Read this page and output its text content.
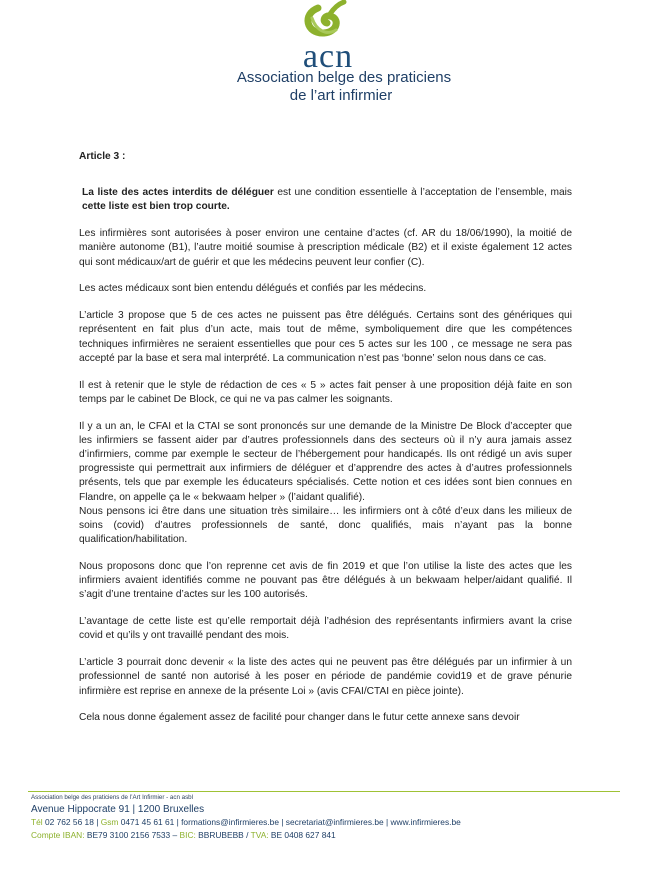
acn
Association belge des praticiens
de l’art infirmier

Article 3 :

La liste des actes interdits de déléguer est une condition essentielle à l’acceptation de l’ensemble, mais cette liste est bien trop courte.

Les infirmières sont autorisées à poser environ une centaine d’actes (cf. AR du 18/06/1990), la moitié de manière autonome (B1), l’autre moitié soumise à prescription médicale (B2) et il existe également 12 actes qui sont médicaux/art de guérir et que les médecins peuvent leur confier (C).

Les actes médicaux sont bien entendu délégués et confiés par les médecins.

L’article 3 propose que 5 de ces actes ne puissent pas être délégués. Certains sont des génériques qui représentent en fait plus d’un acte, mais tout de même, symboliquement dire que les compétences techniques infirmières ne seraient essentielles que pour ces 5 actes sur les 100 , ce message ne sera pas accepté par la base et sera mal interprété. La communication n’est pas ‘bonne’ selon nous dans ce cas.

Il est à retenir que le style de rédaction de ces « 5 » actes fait penser à une proposition déjà faite en son temps par le cabinet De Block, ce qui ne va pas calmer les soignants.

Il y a un an, le CFAI et la CTAI se sont prononcés sur une demande de la Ministre De Block d’accepter que les infirmiers se fassent aider par d’autres professionnels dans des secteurs où il n’y aura jamais assez d’infirmiers, comme par exemple le secteur de l’hébergement pour handicapés. Ils ont rédigé un avis super progressiste qui permettrait aux infirmiers de déléguer et d’apprendre des actes à d’autres professionnels présents, tels que par exemple les éducateurs spécialisés. Cette notion et ces idées sont bien connues en Flandre, on appelle ça le « bekwaam helper » (l’aidant qualifié).

Nous pensons ici être dans une situation très similaire… les infirmiers ont à côté d’eux dans les milieux de soins (covid) d’autres professionnels de santé, donc qualifiés, mais n’ayant pas la bonne qualification/habilitation.

Nous proposons donc que l’on reprenne cet avis de fin 2019 et que l’on utilise la liste des actes que les infirmiers avaient identifiés comme ne pouvant pas être délégués à un bekwaam helper/aidant qualifié. Il s’agit d’une trentaine d’actes sur les 100 autorisés.

L’avantage de cette liste est qu’elle remportait déjà l’adhésion des représentants infirmiers avant la crise covid et qu’ils y ont travaillé pendant des mois.

L’article 3 pourrait donc devenir « la liste des actes qui ne peuvent pas être délégués par un infirmier à un professionnel de santé non autorisé à les poser en période de pandémie covid19 et de grave pénurie infirmière est reprise en annexe de la présente Loi » (avis CFAI/CTAI en pièce jointe).

Cela nous donne également assez de facilité pour changer dans le futur cette annexe sans devoir

Association belge des praticiens de l’Art Infirmier - acn asbl
Avenue Hippocrate 91 | 1200 Bruxelles
Tél 02 762 56 18 | Gsm 0471 45 61 61 | formations@infirmieres.be | secretariat@infirmieres.be | www.infirmieres.be
Compte IBAN: BE79 3100 2156 7533 – BIC: BBRUBEBB / TVA: BE 0408 627 841
